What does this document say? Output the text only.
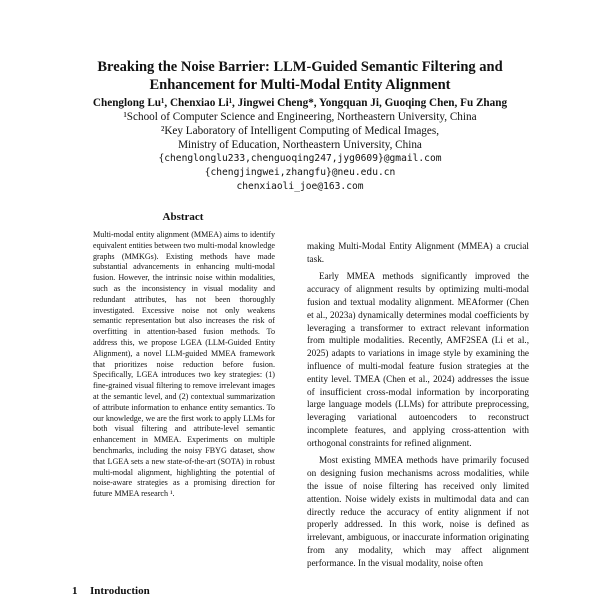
Breaking the Noise Barrier: LLM-Guided Semantic Filtering and
Enhancement for Multi-Modal Entity Alignment
Chenglong Lu¹, Chenxiao Li¹, Jingwei Cheng*, Yongquan Ji, Guoqing Chen, Fu Zhang
¹School of Computer Science and Engineering, Northeastern University, China
²Key Laboratory of Intelligent Computing of Medical Images,
Ministry of Education, Northeastern University, China
{chenglonglu233,chenguoqing247,jyg0609}@gmail.com
{chengjingwei,zhangfu}@neu.edu.cn
chenxiaoli_joe@163.com
Abstract
Multi-modal entity alignment (MMEA) aims to identify equivalent entities between two multi-modal knowledge graphs (MMKGs). Existing methods have made substantial advancements in enhancing multi-modal fusion. However, the intrinsic noise within modalities, such as the inconsistency in visual modality and redundant attributes, has not been thoroughly investigated. Excessive noise not only weakens semantic representation but also increases the risk of overfitting in attention-based fusion methods. To address this, we propose LGEA (LLM-Guided Entity Alignment), a novel LLM-guided MMEA framework that prioritizes noise reduction before fusion. Specifically, LGEA introduces two key strategies: (1) fine-grained visual filtering to remove irrelevant images at the semantic level, and (2) contextual summarization of attribute information to enhance entity semantics. To our knowledge, we are the first work to apply LLMs for both visual filtering and attribute-level semantic enhancement in MMEA. Experiments on multiple benchmarks, including the noisy FBYG dataset, show that LGEA sets a new state-of-the-art (SOTA) in robust multi-modal alignment, highlighting the potential of noise-aware strategies as a promising direction for future MMEA research ¹.
1 Introduction

making Multi-Modal Entity Alignment (MMEA) a crucial task.

Early MMEA methods significantly improved the accuracy of alignment results by optimizing multi-modal fusion and textual modality alignment. MEAformer (Chen et al., 2023a) dynamically determines modal coefficients by leveraging a transformer to extract relevant information from multiple modalities. Recently, AMF2SEA (Li et al., 2025) adapts to variations in image style by examining the influence of multi-modal feature fusion strategies at the entity level. TMEA (Chen et al., 2024) addresses the issue of insufficient cross-modal information by incorporating large language models (LLMs) for attribute preprocessing, leveraging variational autoencoders to reconstruct incomplete features, and applying cross-attention with orthogonal constraints for refined alignment.

Most existing MMEA methods have primarily focused on designing fusion mechanisms across modalities, while the issue of noise filtering has received only limited attention. Noise widely exists in multimodal data and can directly reduce the accuracy of entity alignment if not properly addressed. In this work, noise is defined as irrelevant, ambiguous, or inaccurate information originating from any modality, which may affect alignment performance. In the visual modality, noise often
